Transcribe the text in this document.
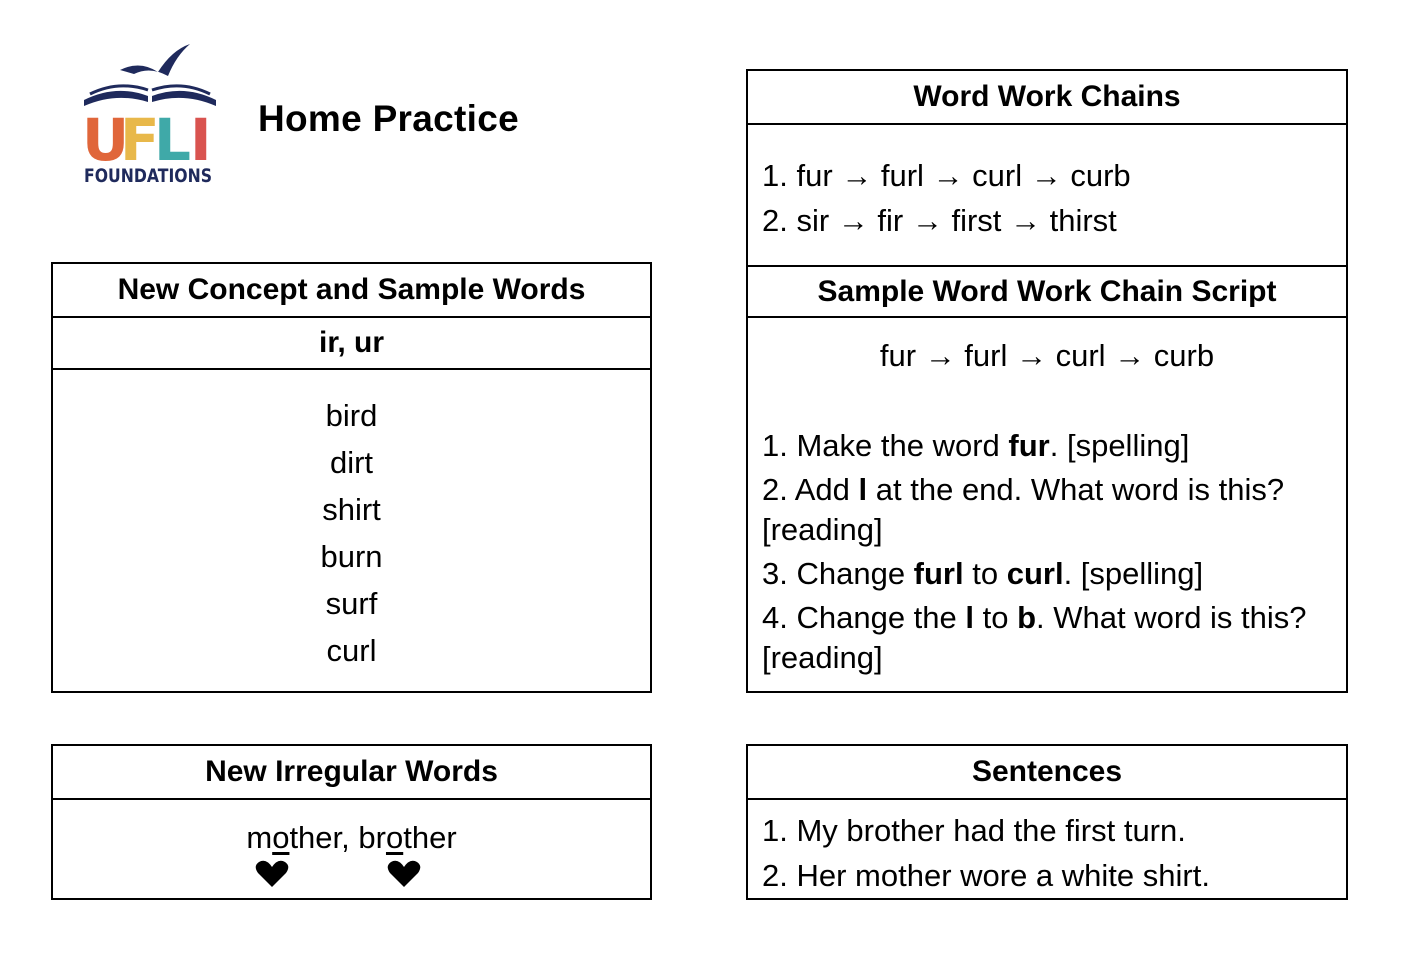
U
F
L I
FOUNDATIONS
Home Practice
New Concept and Sample Words
ir, ur
bird
dirt
shirt
burn
surf
curl
New Irregular Words
mother, brother
Word Work Chains
1. fur → furl → curl → curb
2. sir → fir → first → thirst
Sample Word Work Chain Script
fur → furl → curl → curb
1. Make the word fur. [spelling]
2. Add l at the end. What word is this? [reading]
3. Change furl to curl. [spelling]
4. Change the l to b. What word is this? [reading]
Sentences
1. My brother had the first turn.
2. Her mother wore a white shirt.
